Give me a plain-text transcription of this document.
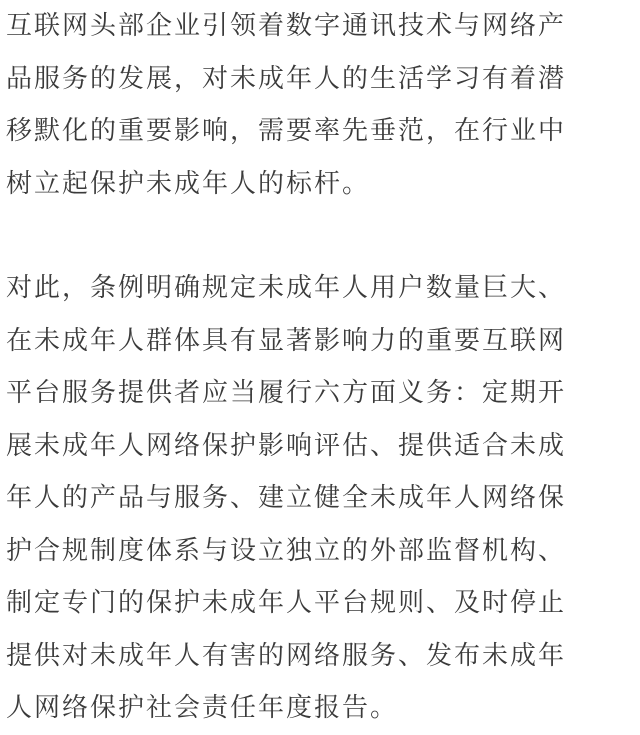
互联网头部企业引领着数字通讯技术与网络产
品服务的发展，对未成年人的生活学习有着潜
移默化的重要影响，需要率先垂范，在行业中
树立起保护未成年人的标杆。
对此，条例明确规定未成年人用户数量巨大、
在未成年人群体具有显著影响力的重要互联网
平台服务提供者应当履行六方面义务：定期开
展未成年人网络保护影响评估、提供适合未成
年人的产品与服务、建立健全未成年人网络保
护合规制度体系与设立独立的外部监督机构、
制定专门的保护未成年人平台规则、及时停止
提供对未成年人有害的网络服务、发布未成年
人网络保护社会责任年度报告。
